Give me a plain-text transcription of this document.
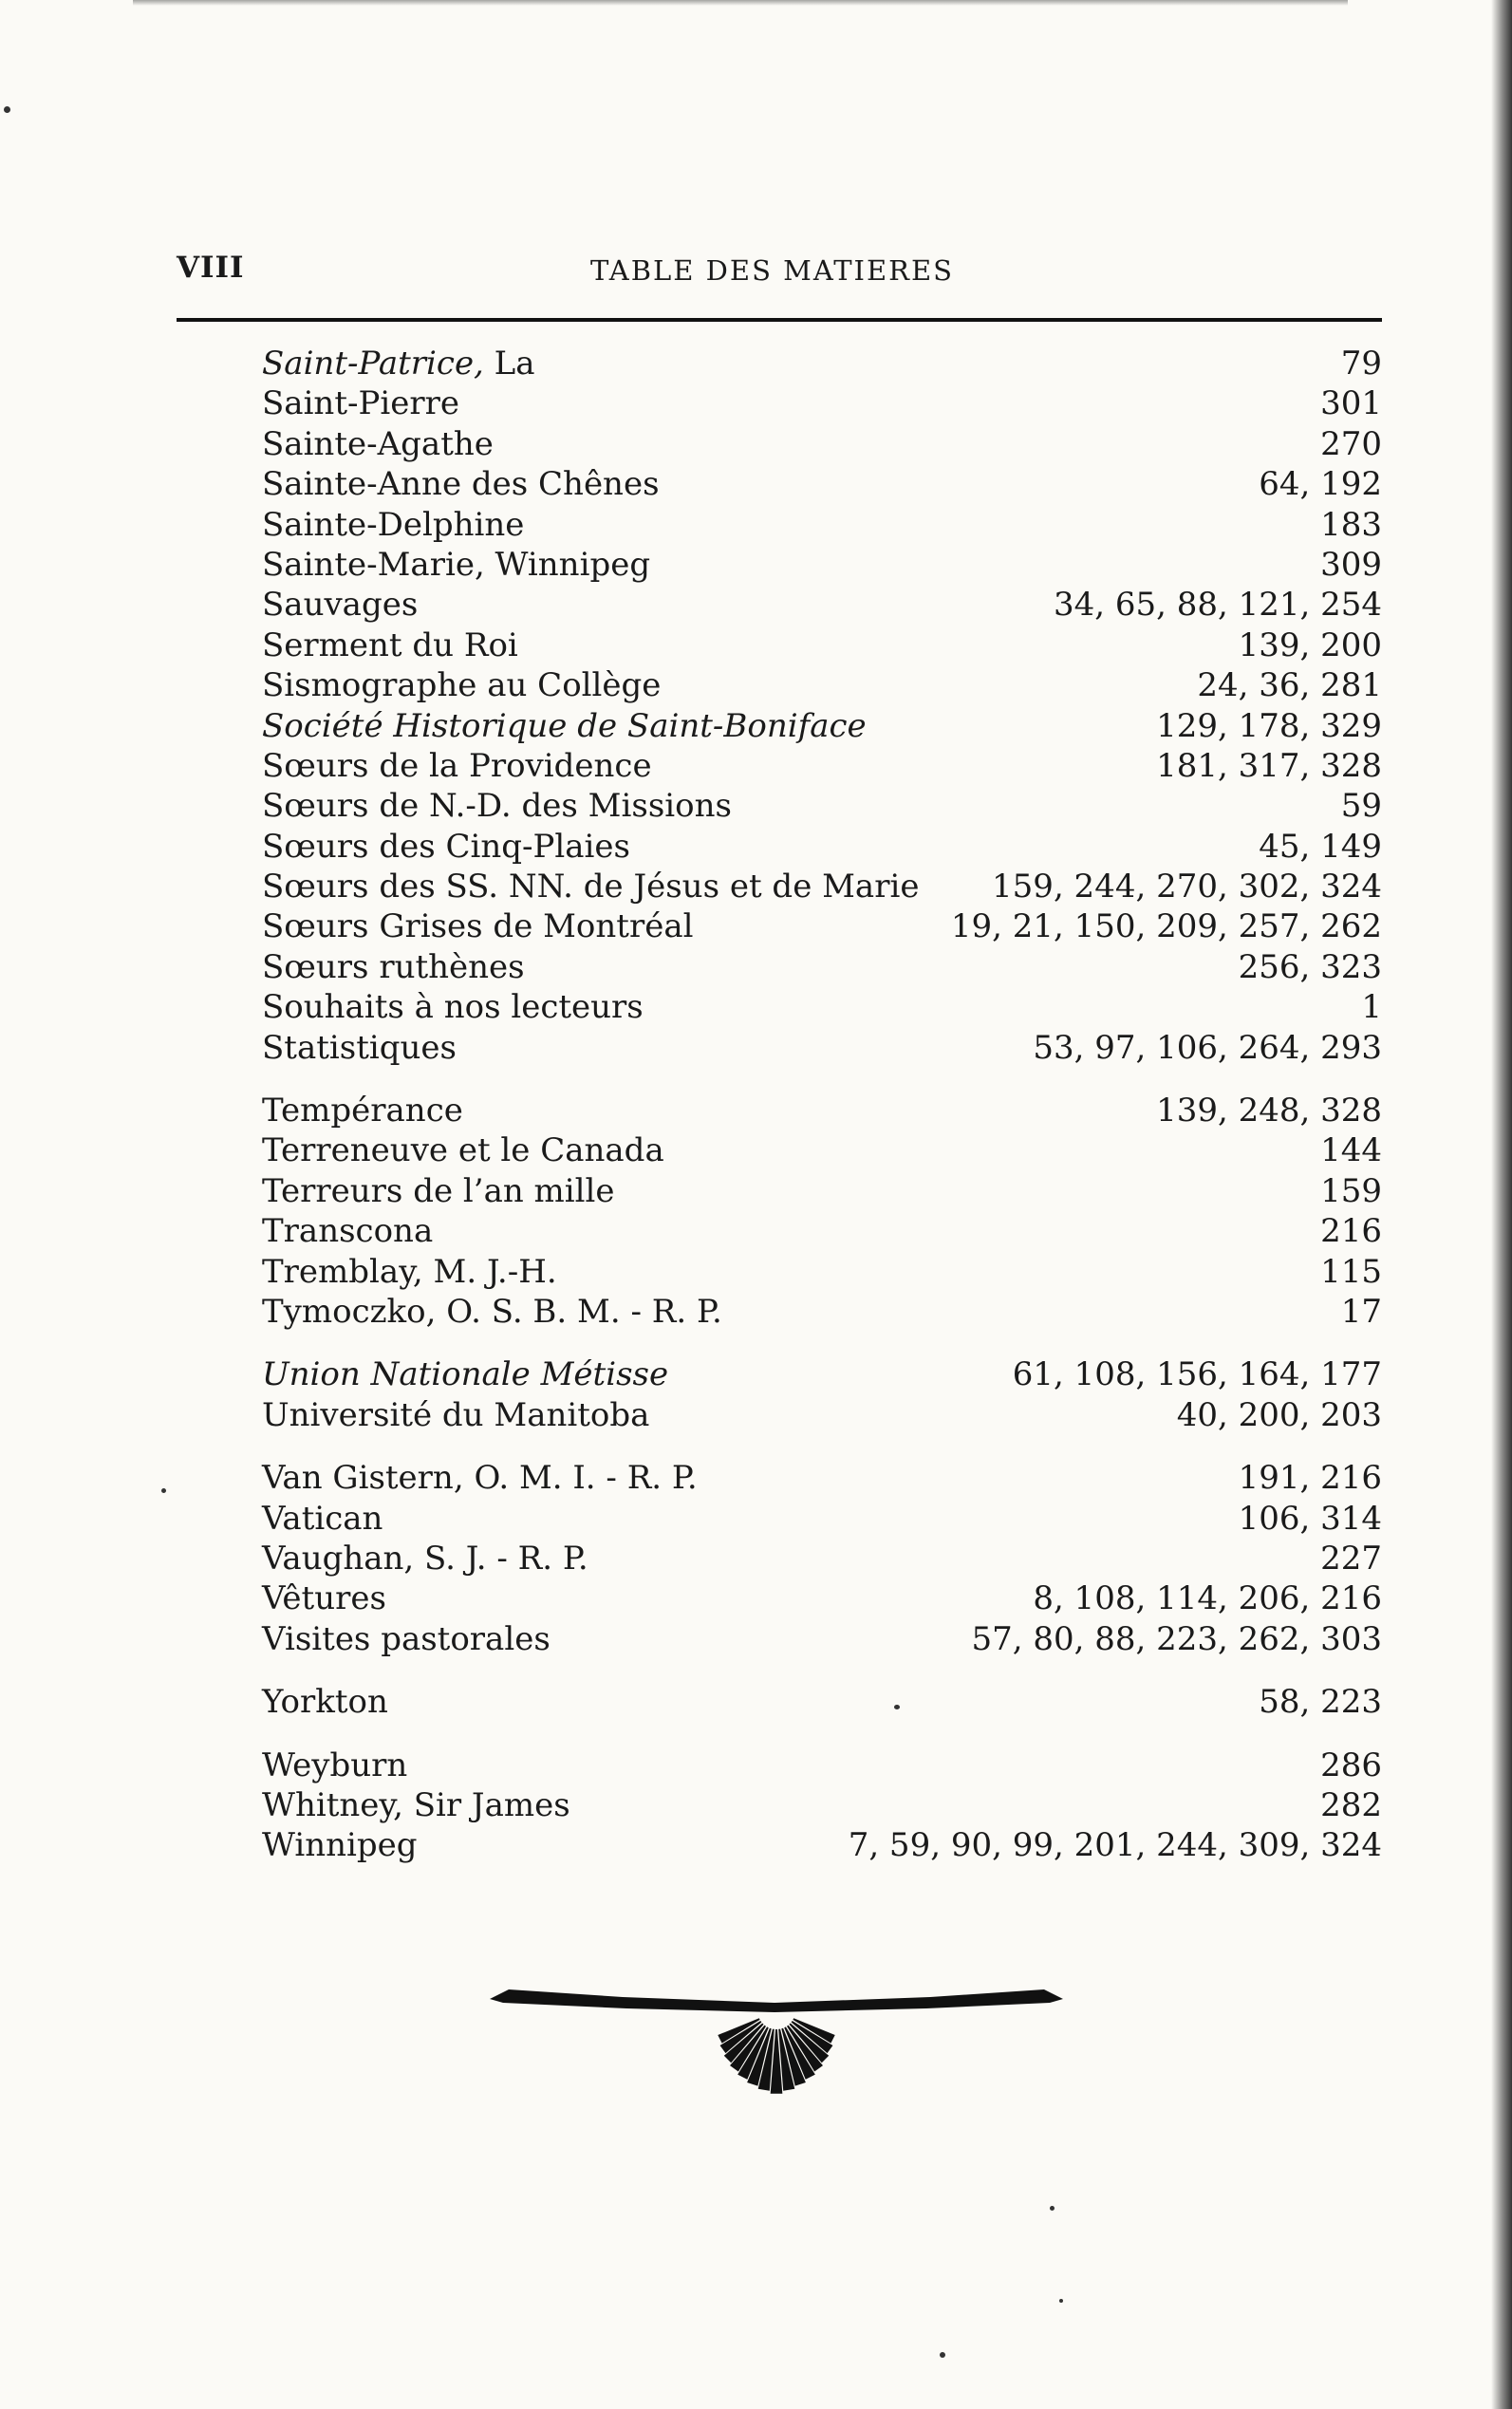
VIII	TABLE DES MATIERES
Saint-Patrice, La	79
Saint-Pierre	301
Sainte-Agathe	270
Sainte-Anne des Chênes	64, 192
Sainte-Delphine	183
Sainte-Marie, Winnipeg	309
Sauvages	34, 65, 88, 121, 254
Serment du Roi	139, 200
Sismographe au Collège	24, 36, 281
Société Historique de Saint-Boniface	129, 178, 329
Sœurs de la Providence	181, 317, 328
Sœurs de N.-D. des Missions	59
Sœurs des Cinq-Plaies	45, 149
Sœurs des SS. NN. de Jésus et de Marie 159, 244, 270, 302, 324
Sœurs Grises de Montréal	19, 21, 150, 209, 257, 262
Sœurs ruthènes	256, 323
Souhaits à nos lecteurs	1
Statistiques	53, 97, 106, 264, 293
Tempérance	139, 248, 328
Terreneuve et le Canada	144
Terreurs de l’an mille	159
Transcona	216
Tremblay, M. J.-H.	115
Tymoczko, O. S. B. M. - R. P.	17
Union Nationale Métisse	61, 108, 156, 164, 177
Université du Manitoba	40, 200, 203
Van Gistern, O. M. I. - R. P.	191, 216
Vatican	106, 314
Vaughan, S. J. - R. P.	227
Vêtures	8, 108, 114, 206, 216
Visites pastorales	57, 80, 88, 223, 262, 303
Yorkton	58, 223
Weyburn	286
Whitney, Sir James	282
Winnipeg	7, 59, 90, 99, 201, 244, 309, 324
